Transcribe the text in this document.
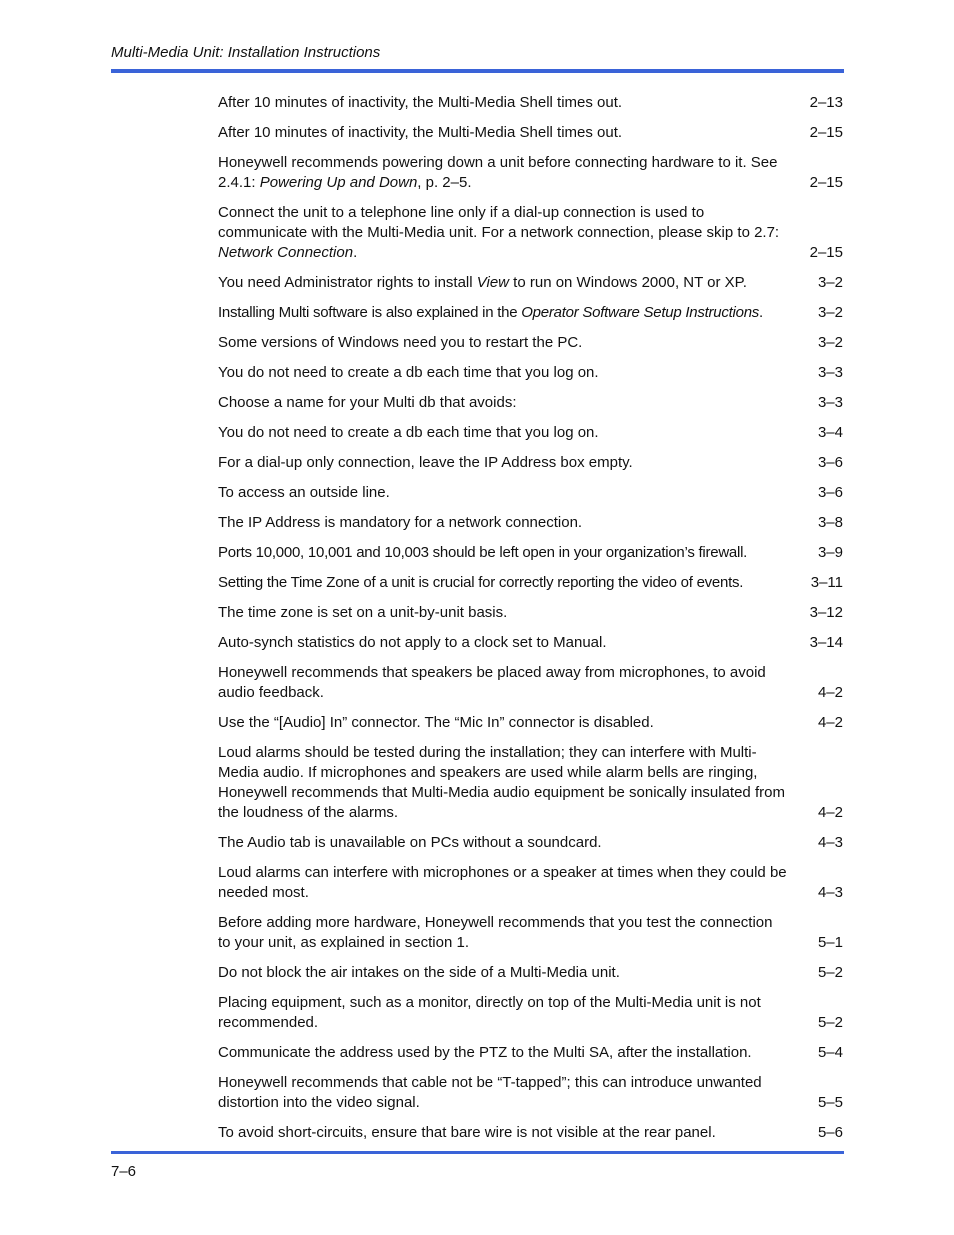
Multi-Media Unit: Installation Instructions
After 10 minutes of inactivity, the Multi-Media Shell times out.	2–13
After 10 minutes of inactivity, the Multi-Media Shell times out.	2–15
Honeywell recommends powering down a unit before connecting hardware to it. See 2.4.1: Powering Up and Down, p. 2–5.	2–15
Connect the unit to a telephone line only if a dial-up connection is used to communicate with the Multi-Media unit. For a network connection, please skip to 2.7: Network Connection.	2–15
You need Administrator rights to install View to run on Windows 2000, NT or XP.	3–2
Installing Multi software is also explained in the Operator Software Setup Instructions.	3–2
Some versions of Windows need you to restart the PC.	3–2
You do not need to create a db each time that you log on.	3–3
Choose a name for your Multi db that avoids:	3–3
You do not need to create a db each time that you log on.	3–4
For a dial-up only connection, leave the IP Address box empty.	3–6
To access an outside line.	3–6
The IP Address is mandatory for a network connection.	3–8
Ports 10,000, 10,001 and 10,003 should be left open in your organization’s firewall.	3–9
Setting the Time Zone of a unit is crucial for correctly reporting the video of events.	3–11
The time zone is set on a unit-by-unit basis.	3–12
Auto-synch statistics do not apply to a clock set to Manual.	3–14
Honeywell recommends that speakers be placed away from microphones, to avoid audio feedback.	4–2
Use the “[Audio] In” connector. The “Mic In” connector is disabled.	4–2
Loud alarms should be tested during the installation; they can interfere with Multi-Media audio. If microphones and speakers are used while alarm bells are ringing, Honeywell recommends that Multi-Media audio equipment be sonically insulated from the loudness of the alarms.	4–2
The Audio tab is unavailable on PCs without a soundcard.	4–3
Loud alarms can interfere with microphones or a speaker at times when they could be needed most.	4–3
Before adding more hardware, Honeywell recommends that you test the connection to your unit, as explained in section 1.	5–1
Do not block the air intakes on the side of a Multi-Media unit.	5–2
Placing equipment, such as a monitor, directly on top of the Multi-Media unit is not recommended.	5–2
Communicate the address used by the PTZ to the Multi SA, after the installation.	5–4
Honeywell recommends that cable not be “T-tapped”; this can introduce unwanted distortion into the video signal.	5–5
To avoid short-circuits, ensure that bare wire is not visible at the rear panel.	5–6
7–6
